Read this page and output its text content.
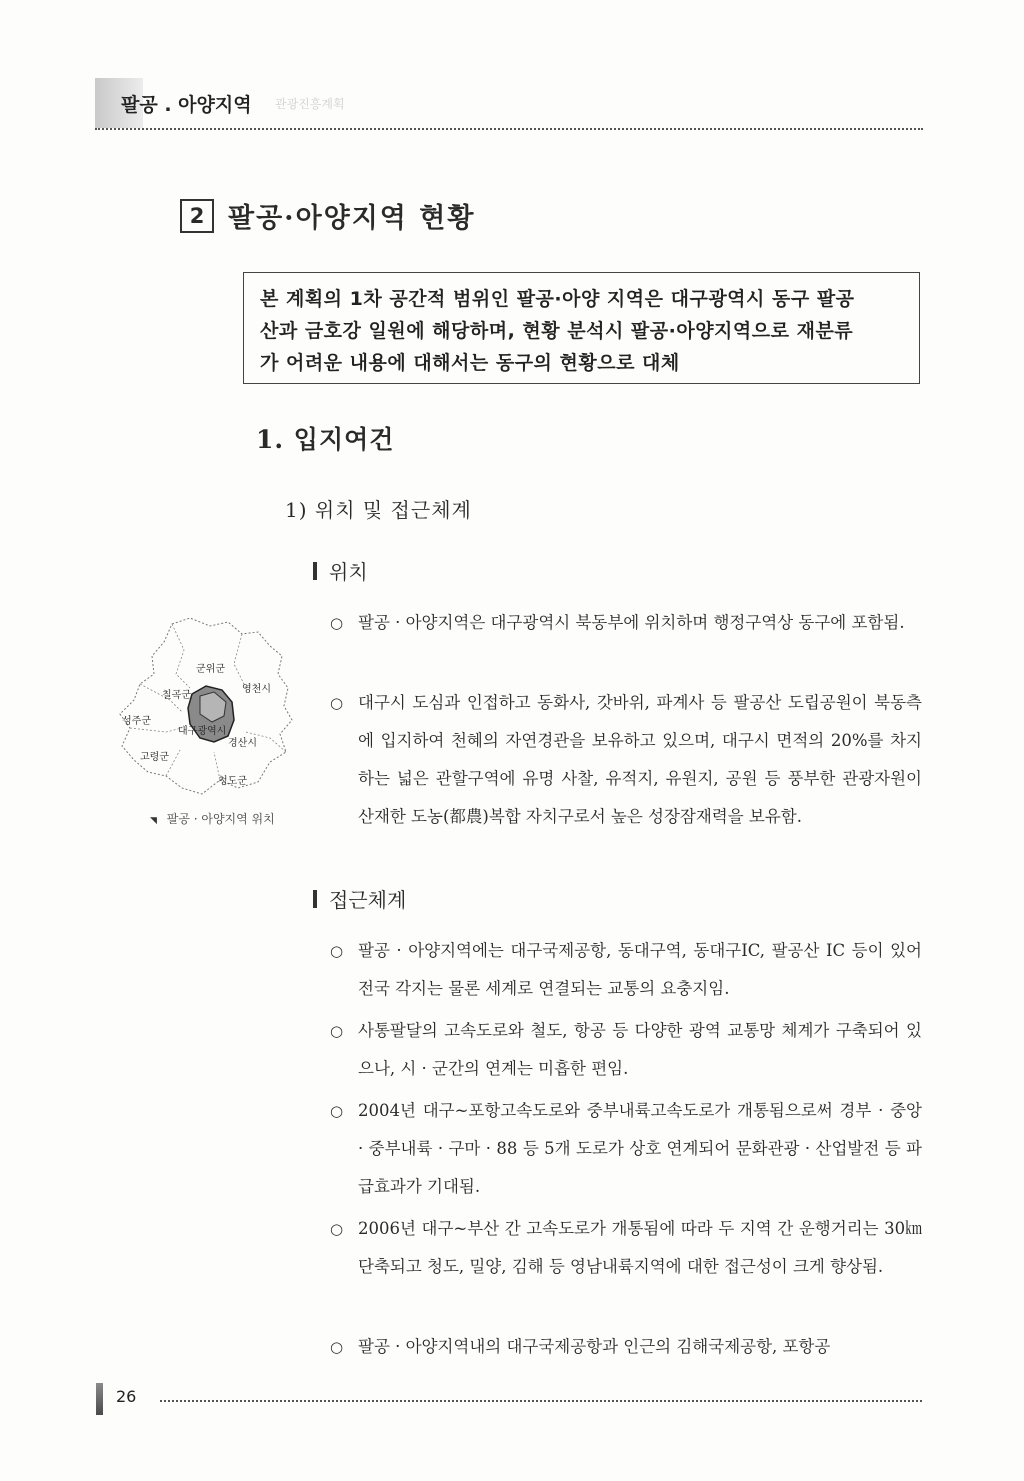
팔공 . 아양지역 관광진흥계획
2 팔공·아양지역 현황
본 계획의 1차 공간적 범위인 팔공·아양 지역은 대구광역시 동구 팔공
산과 금호강 일원에 해당하며, 현황 분석시 팔공·아양지역으로 재분류
가 어려운 내용에 대해서는 동구의 현황으로 대체
1. 입지여건
1) 위치 및 접근체계
위치
○ 팔공 · 아양지역은 대구광역시 북동부에 위치하며 행정구역상 동구에 포함됨.
○ 대구시 도심과 인접하고 동화사, 갓바위, 파계사 등 팔공산 도립공원이 북동측에 입지하여 천혜의 자연경관을 보유하고 있으며, 대구시 면적의 20%를 차지하는 넓은 관할구역에 유명 사찰, 유적지, 유원지, 공원 등 풍부한 관광자원이 산재한 도농(都農)복합 자치구로서 높은 성장잠재력을 보유함.
군위군
칠곡군
영천시
성주군
대구광역시
경산시
고령군
청도군
◥ 팔공 · 아양지역 위치
접근체계
○ 팔공 · 아양지역에는 대구국제공항, 동대구역, 동대구IC, 팔공산 IC 등이 있어 전국 각지는 물론 세계로 연결되는 교통의 요충지임.
○ 사통팔달의 고속도로와 철도, 항공 등 다양한 광역 교통망 체계가 구축되어 있으나, 시 · 군간의 연계는 미흡한 편임.
○ 2004년 대구~포항고속도로와 중부내륙고속도로가 개통됨으로써 경부 · 중앙 · 중부내륙 · 구마 · 88 등 5개 도로가 상호 연계되어 문화관광 · 산업발전 등 파급효과가 기대됨.
○ 2006년 대구~부산 간 고속도로가 개통됨에 따라 두 지역 간 운행거리는 30㎞ 단축되고 청도, 밀양, 김해 등 영남내륙지역에 대한 접근성이 크게 향상됨.
○ 팔공 · 아양지역내의 대구국제공항과 인근의 김해국제공항, 포항공
26
